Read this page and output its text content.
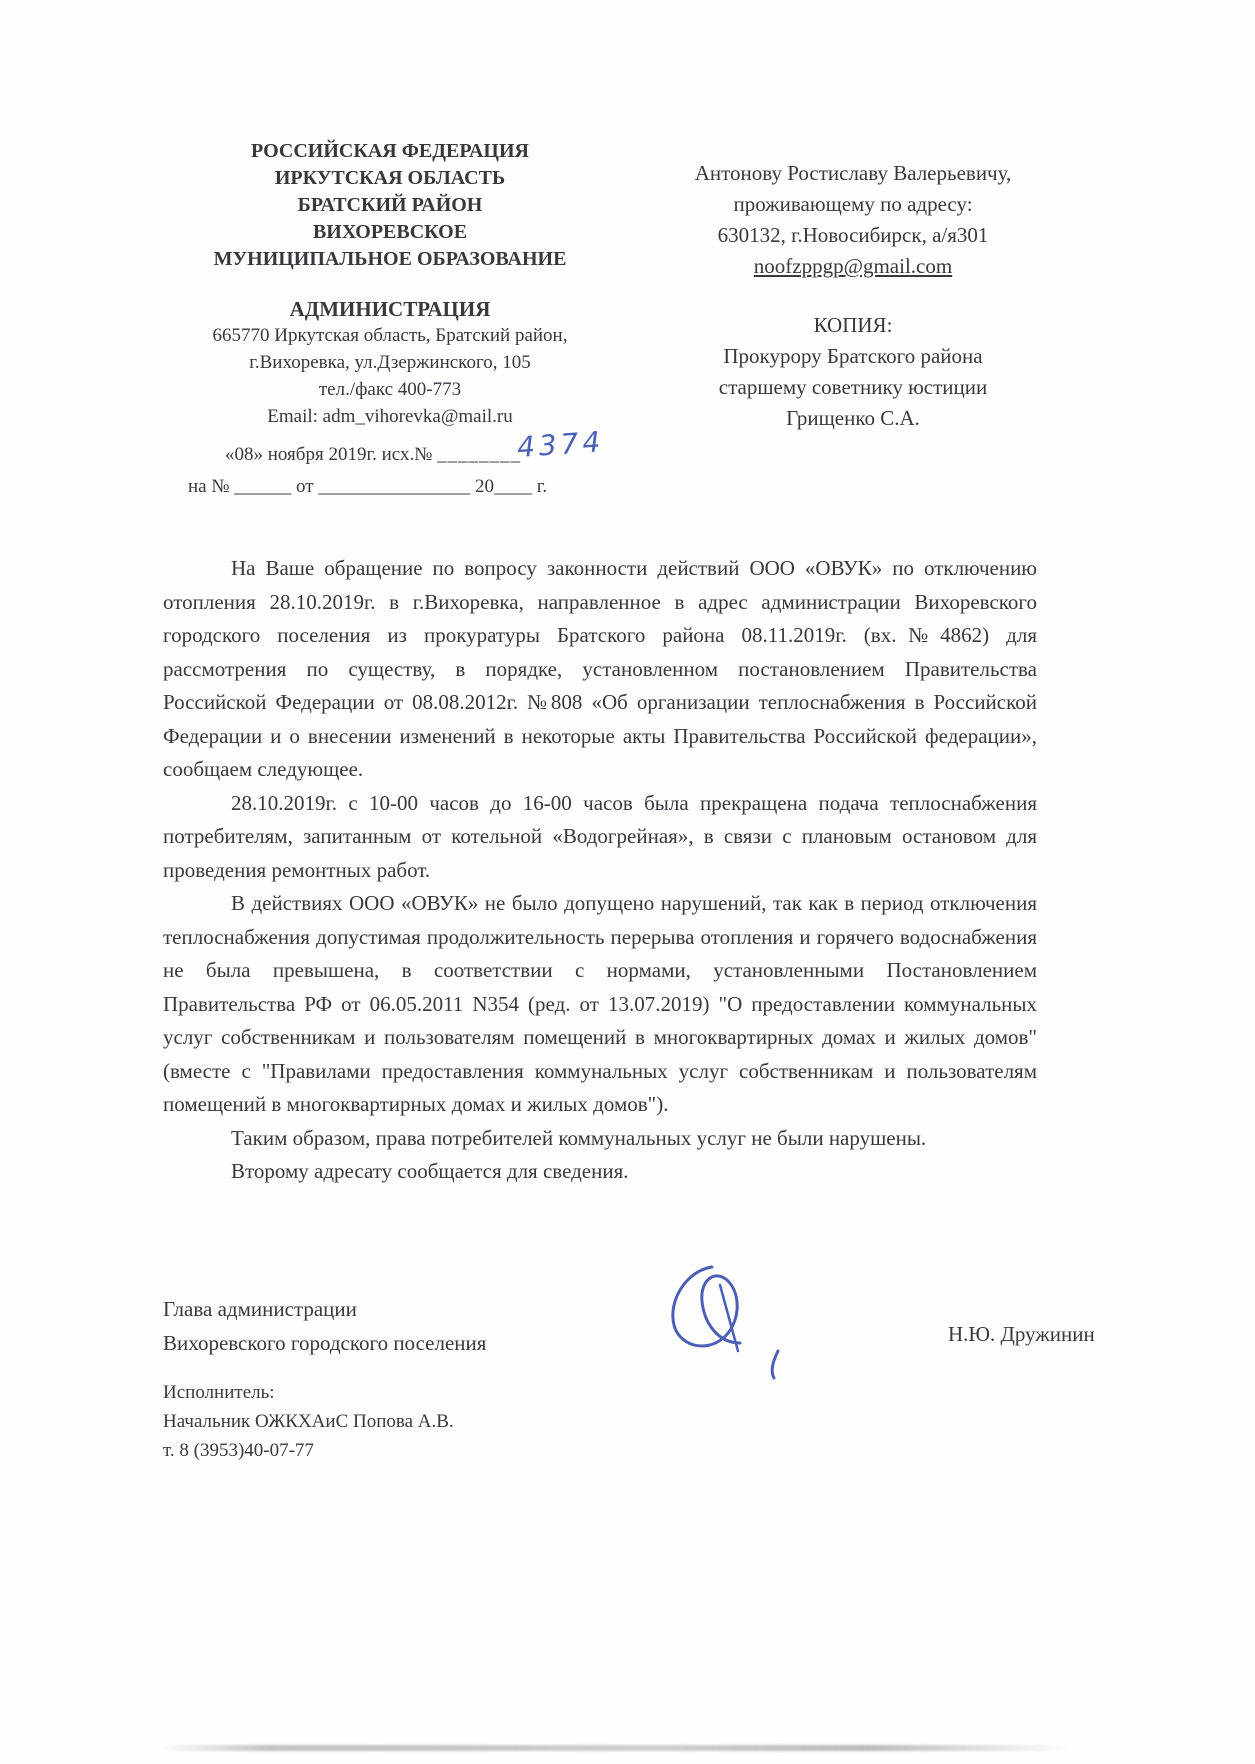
РОССИЙСКАЯ ФЕДЕРАЦИЯ
ИРКУТСКАЯ ОБЛАСТЬ
БРАТСКИЙ РАЙОН
ВИХОРЕВСКОЕ
МУНИЦИПАЛЬНОЕ ОБРАЗОВАНИЕ
АДМИНИСТРАЦИЯ
665770 Иркутская область, Братский район,
г.Вихоревка, ул.Дзержинского, 105
тел./факс 400-773
Email: adm_vihorevka@mail.ru
«08» ноября 2019г. исх.№ ________
4374
на № ______ от ________________ 20____ г.
Антонову Ростиславу Валерьевичу,
проживающему по адресу:
630132, г.Новосибирск, а/я301
noofzppgp@gmail.com
КОПИЯ:
Прокурору Братского района
старшему советнику юстиции
Грищенко С.А.

На Ваше обращение по вопросу законности действий ООО «ОВУК» по отключению отопления 28.10.2019г. в г.Вихоревка, направленное в адрес администрации Вихоревского городского поселения из прокуратуры Братского района 08.11.2019г. (вх.№4862) для рассмотрения по существу, в порядке, установленном постановлением Правительства Российской Федерации от 08.08.2012г. №808 «Об организации теплоснабжения в Российской Федерации и о внесении изменений в некоторые акты Правительства Российской федерации», сообщаем следующее.

28.10.2019г. с 10-00 часов до 16-00 часов была прекращена подача теплоснабжения потребителям, запитанным от котельной «Водогрейная», в связи с плановым остановом для проведения ремонтных работ.

В действиях ООО «ОВУК» не было допущено нарушений, так как в период отключения теплоснабжения допустимая продолжительность перерыва отопления и горячего водоснабжения не была превышена, в соответствии с нормами, установленными Постановлением Правительства РФ от 06.05.2011 N354 (ред. от 13.07.2019) "О предоставлении коммунальных услуг собственникам и пользователям помещений в многоквартирных домах и жилых домов" (вместе с "Правилами предоставления коммунальных услуг собственникам и пользователям помещений в многоквартирных домах и жилых домов").

Таким образом, права потребителей коммунальных услуг не были нарушены.

Второму адресату сообщается для сведения.

Глава администрации
Вихоревского городского поселения	Н.Ю. Дружинин
Исполнитель:
Начальник ОЖКХАиС Попова А.В.
т. 8 (3953)40-07-77
